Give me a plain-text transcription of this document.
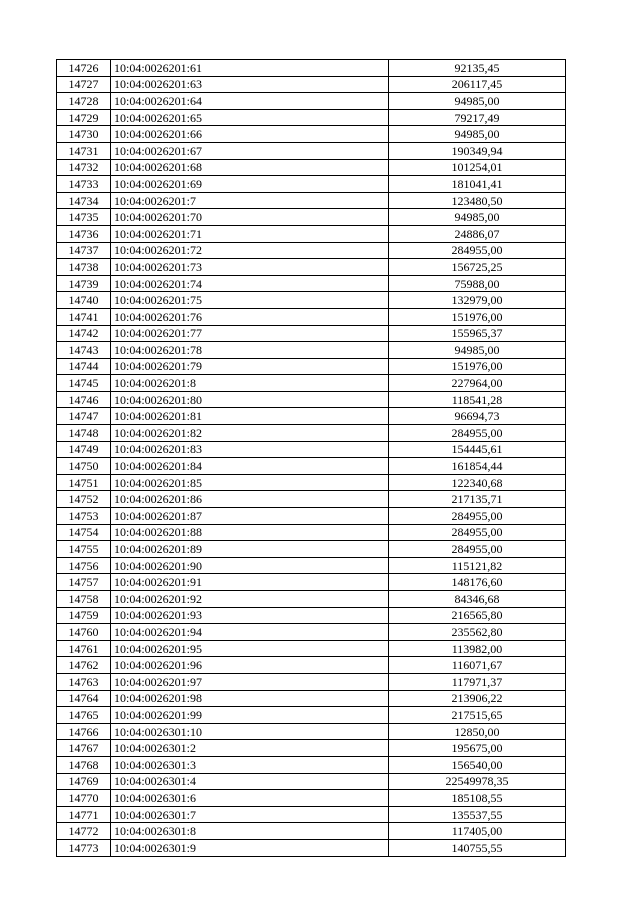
14726	10:04:0026201:61	92135,45
14727	10:04:0026201:63	206117,45
14728	10:04:0026201:64	94985,00
14729	10:04:0026201:65	79217,49
14730	10:04:0026201:66	94985,00
14731	10:04:0026201:67	190349,94
14732	10:04:0026201:68	101254,01
14733	10:04:0026201:69	181041,41
14734	10:04:0026201:7	123480,50
14735	10:04:0026201:70	94985,00
14736	10:04:0026201:71	24886,07
14737	10:04:0026201:72	284955,00
14738	10:04:0026201:73	156725,25
14739	10:04:0026201:74	75988,00
14740	10:04:0026201:75	132979,00
14741	10:04:0026201:76	151976,00
14742	10:04:0026201:77	155965,37
14743	10:04:0026201:78	94985,00
14744	10:04:0026201:79	151976,00
14745	10:04:0026201:8	227964,00
14746	10:04:0026201:80	118541,28
14747	10:04:0026201:81	96694,73
14748	10:04:0026201:82	284955,00
14749	10:04:0026201:83	154445,61
14750	10:04:0026201:84	161854,44
14751	10:04:0026201:85	122340,68
14752	10:04:0026201:86	217135,71
14753	10:04:0026201:87	284955,00
14754	10:04:0026201:88	284955,00
14755	10:04:0026201:89	284955,00
14756	10:04:0026201:90	115121,82
14757	10:04:0026201:91	148176,60
14758	10:04:0026201:92	84346,68
14759	10:04:0026201:93	216565,80
14760	10:04:0026201:94	235562,80
14761	10:04:0026201:95	113982,00
14762	10:04:0026201:96	116071,67
14763	10:04:0026201:97	117971,37
14764	10:04:0026201:98	213906,22
14765	10:04:0026201:99	217515,65
14766	10:04:0026301:10	12850,00
14767	10:04:0026301:2	195675,00
14768	10:04:0026301:3	156540,00
14769	10:04:0026301:4	22549978,35
14770	10:04:0026301:6	185108,55
14771	10:04:0026301:7	135537,55
14772	10:04:0026301:8	117405,00
14773	10:04:0026301:9	140755,55
